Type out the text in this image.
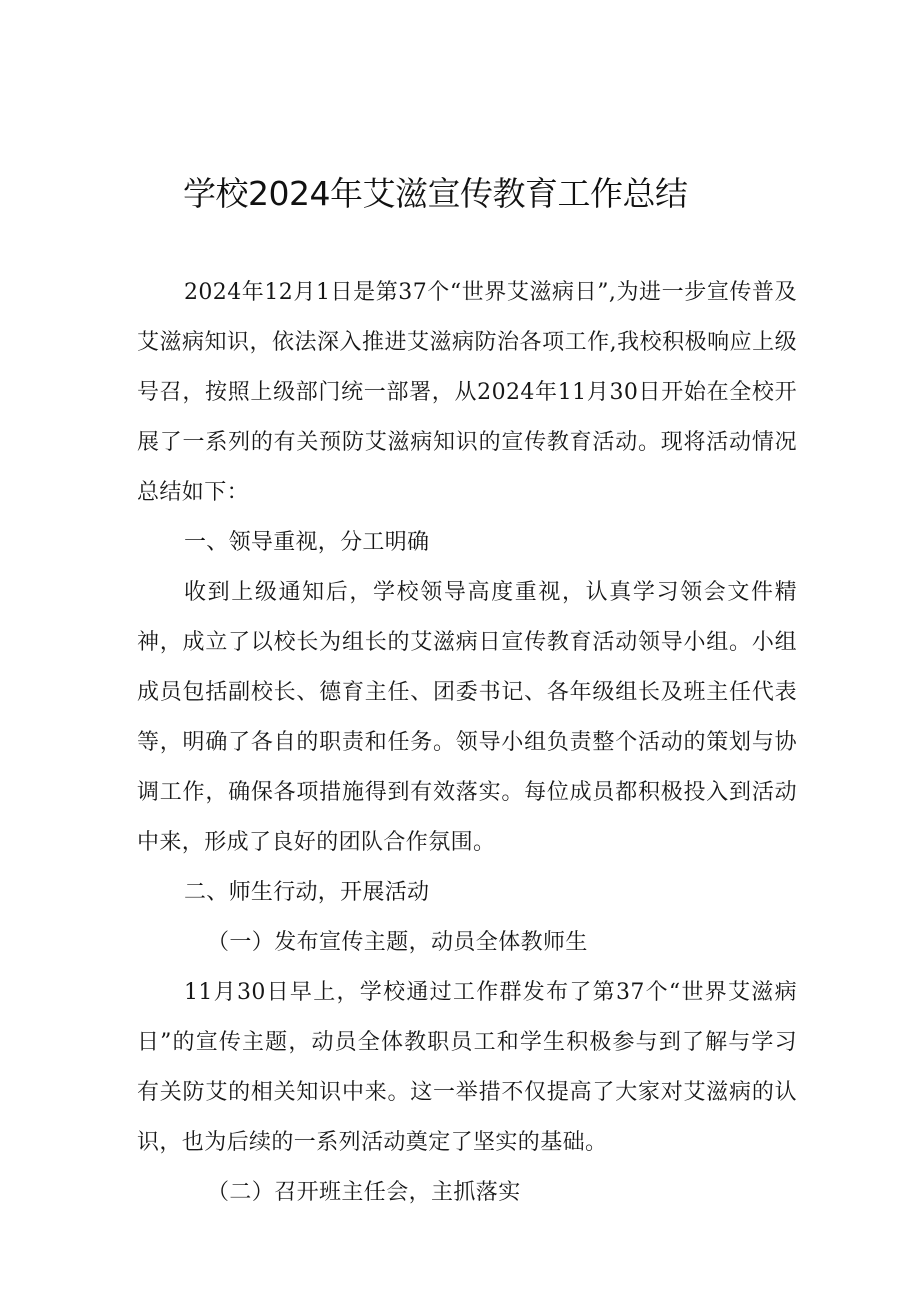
学校2024年艾滋宣传教育工作总结

2024年12月1日是第37个“世界艾滋病日”,为进一步宣传普及艾滋病知识，依法深入推进艾滋病防治各项工作,我校积极响应上级号召，按照上级部门统一部署，从2024年11月30日开始在全校开展了一系列的有关预防艾滋病知识的宣传教育活动。现将活动情况总结如下：

一、领导重视，分工明确

收到上级通知后，学校领导高度重视，认真学习领会文件精神，成立了以校长为组长的艾滋病日宣传教育活动领导小组。小组成员包括副校长、德育主任、团委书记、各年级组长及班主任代表等，明确了各自的职责和任务。领导小组负责整个活动的策划与协调工作，确保各项措施得到有效落实。每位成员都积极投入到活动中来，形成了良好的团队合作氛围。

二、师生行动，开展活动

（一）发布宣传主题，动员全体教师生

11月30日早上，学校通过工作群发布了第37个“世界艾滋病日”的宣传主题，动员全体教职员工和学生积极参与到了解与学习有关防艾的相关知识中来。这一举措不仅提高了大家对艾滋病的认识，也为后续的一系列活动奠定了坚实的基础。

（二）召开班主任会，主抓落实
